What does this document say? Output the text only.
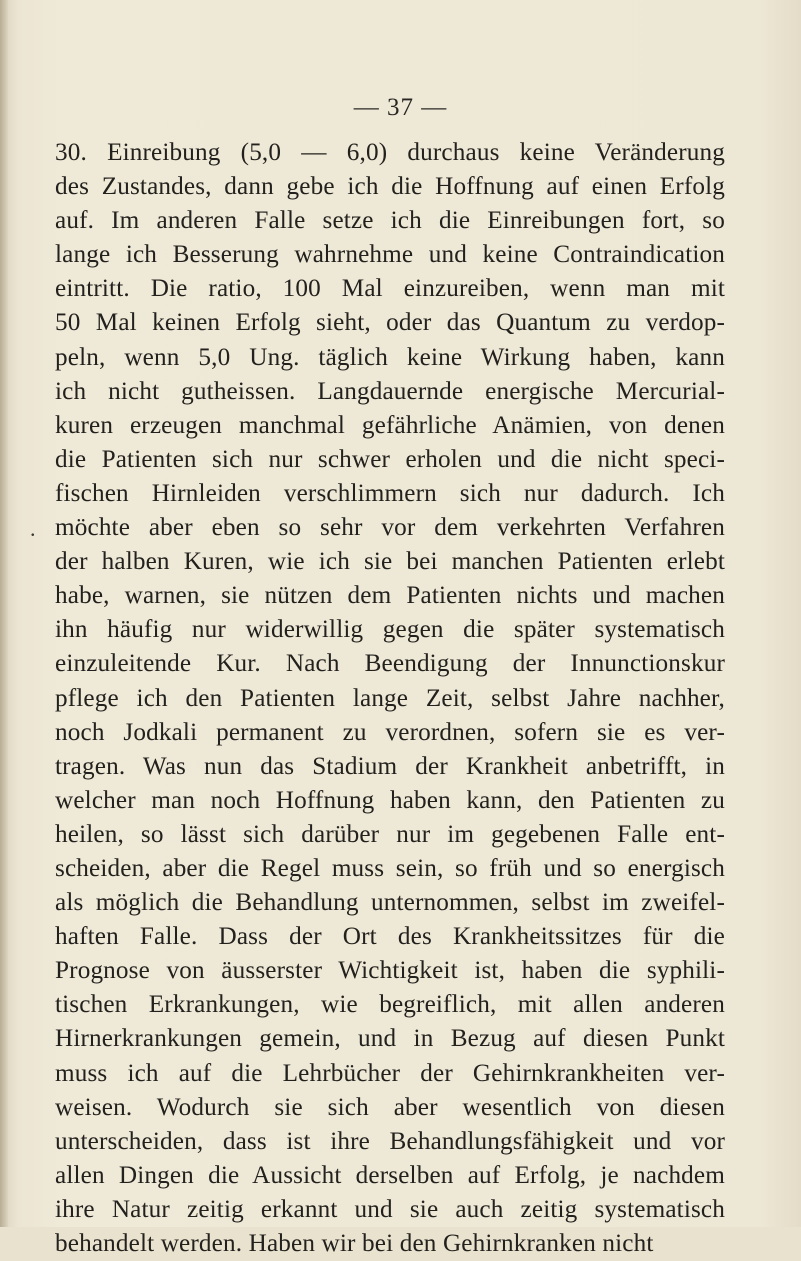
— 37 —
.
30. Einreibung (5,0 — 6,0) durchaus keine Veränderung
des Zustandes, dann gebe ich die Hoffnung auf einen Erfolg
auf. Im anderen Falle setze ich die Einreibungen fort, so
lange ich Besserung wahrnehme und keine Contraindication
eintritt. Die ratio, 100 Mal einzureiben, wenn man mit
50 Mal keinen Erfolg sieht, oder das Quantum zu verdop-
peln, wenn 5,0 Ung. täglich keine Wirkung haben, kann
ich nicht gutheissen. Langdauernde energische Mercurial-
kuren erzeugen manchmal gefährliche Anämien, von denen
die Patienten sich nur schwer erholen und die nicht speci-
fischen Hirnleiden verschlimmern sich nur dadurch. Ich
möchte aber eben so sehr vor dem verkehrten Verfahren
der halben Kuren, wie ich sie bei manchen Patienten erlebt
habe, warnen, sie nützen dem Patienten nichts und machen
ihn häufig nur widerwillig gegen die später systematisch
einzuleitende Kur. Nach Beendigung der Innunctionskur
pflege ich den Patienten lange Zeit, selbst Jahre nachher,
noch Jodkali permanent zu verordnen, sofern sie es ver-
tragen. Was nun das Stadium der Krankheit anbetrifft, in
welcher man noch Hoffnung haben kann, den Patienten zu
heilen, so lässt sich darüber nur im gegebenen Falle ent-
scheiden, aber die Regel muss sein, so früh und so energisch
als möglich die Behandlung unternommen, selbst im zweifel-
haften Falle. Dass der Ort des Krankheitssitzes für die
Prognose von äusserster Wichtigkeit ist, haben die syphili-
tischen Erkrankungen, wie begreiflich, mit allen anderen
Hirnerkrankungen gemein, und in Bezug auf diesen Punkt
muss ich auf die Lehrbücher der Gehirnkrankheiten ver-
weisen. Wodurch sie sich aber wesentlich von diesen
unterscheiden, dass ist ihre Behandlungsfähigkeit und vor
allen Dingen die Aussicht derselben auf Erfolg, je nachdem
ihre Natur zeitig erkannt und sie auch zeitig systematisch
behandelt werden. Haben wir bei den Gehirnkranken nicht
